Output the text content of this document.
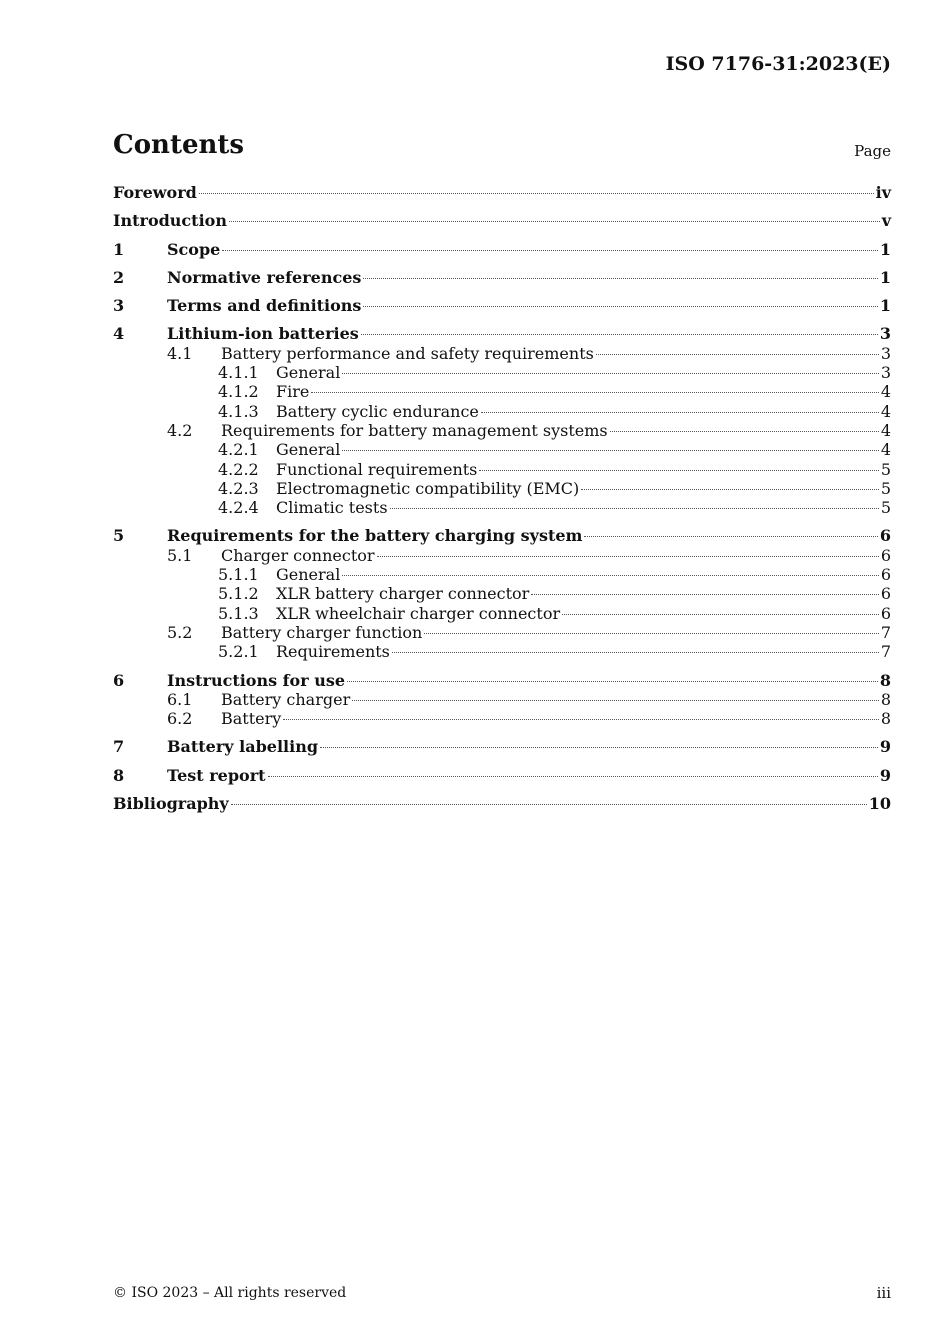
ISO 7176-31:2023(E)
Contents	Page
Foreword	iv
Introduction	v
1	Scope	1
2	Normative references	1
3	Terms and definitions	1
4	Lithium-ion batteries	3
4.1	Battery performance and safety requirements	3
4.1.1	General	3
4.1.2	Fire	4
4.1.3	Battery cyclic endurance	4
4.2	Requirements for battery management systems	4
4.2.1	General	4
4.2.2	Functional requirements	5
4.2.3	Electromagnetic compatibility (EMC)	5
4.2.4	Climatic tests	5
5	Requirements for the battery charging system	6
5.1	Charger connector	6
5.1.1	General	6
5.1.2	XLR battery charger connector	6
5.1.3	XLR wheelchair charger connector	6
5.2	Battery charger function	7
5.2.1	Requirements	7
6	Instructions for use	8
6.1	Battery charger	8
6.2	Battery	8
7	Battery labelling	9
8	Test report	9
Bibliography	10
© ISO 2023 – All rights reserved	iii
